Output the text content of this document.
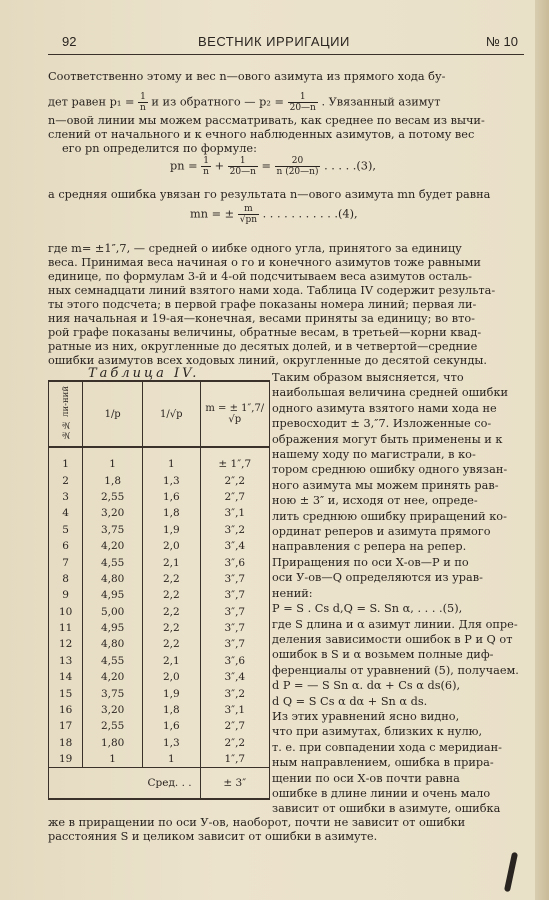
92	ВЕСТНИК ИРРИГАЦИИ	№ 10
Соответственно этому и вес n—ового азимута из прямого хода бу-
дет равен $p_1 = \frac{1}{n}$ и из обратного — $p_2 = \frac{1}{20—n}$ . Увязанный азимут
n—овой линии мы можем рассматривать, как среднее по весам из вычи-
слений от начального и к ечного наблюденных азимутов, а потому вес
его pn определится по формуле:
pn = $\frac{1}{n} + \frac{1}{20—n} = \frac{20}{n (20—n)}$ . . . . .(3),
а средняя ошибка увязан го результата n—ового азимута mn будет равна
mn = ± $\frac{m}{√pn}$ . . . . . . . . . . .(4),
где m= ±1″,7, — средней о иибке одного угла, принятого за единицу
веса. Принимая веса начиная о го и конечного азимутов тоже равными
единице, по формулам 3-й и 4-ой подсчитываем веса азимутов осталь-
ных семнадцати линий взятого нами хода. Таблица IV содержит результа-
ты этого подсчета; в первой графе показаны номера линий; первая ли-
ния начальная и 19-ая—конечная, весами приняты за единицу; во вто-
рой графе показаны величины, обратные весам, в третьей—корни квад-
ратные из них, округленные до десятых долей, и в четвертой—средние
ошибки азимутов всех ходовых линий, округленные до десятой секунды.
Таблица IV.
№№ ли-ний	1/p	1/√p	m = ± 1″,7/√p
1	1	1	± 1″,7
2	1,8	1,3	2″,2
3	2,55	1,6	2″,7
4	3,20	1,8	3″,1
5	3,75	1,9	3″,2
6	4,20	2,0	3″,4
7	4,55	2,1	3″,6
8	4,80	2,2	3″,7
9	4,95	2,2	3″,7
10	5,00	2,2	3″,7
11	4,95	2,2	3″,7
12	4,80	2,2	3″,7
13	4,55	2,1	3″,6
14	4,20	2,0	3″,4
15	3,75	1,9	3″,2
16	3,20	1,8	3″,1
17	2,55	1,6	2″,7
18	1,80	1,3	2″,2
19	1	1	1″,7
Сред. . .			± 3″
Таким образом выясняется, что
наибольшая величина средней ошибки
одного азимута взятого нами хода не
превосходит ± 3,″7. Изложенные со-
ображения могут быть применены и к
нашему ходу по магистрали, в ко-
тором среднюю ошибку одного увязан-
ного азимута мы можем принять рав-
ною ± 3″ и, исходя от нее, опреде-
лить среднюю ошибку приращений ко-
ординат реперов и азимута прямого
направления с репера на репер.
Приращения по оси Х-ов—Р и по
оси У-ов—Q определяются из урав-
нений:
P = S . Cs d,Q = S. Sn α, . . . .(5),
где S длина и α азимут линии. Для опре-
деления зависимости ошибок в P и Q от
ошибок в S и α возьмем полные диф-
ференциалы от уравнений (5), получаем.
d P = — S Sn α. dα + Cs α ds(6),
d Q = S Cs α dα + Sn α ds.
Из этих уравнений ясно видно,
что при азимутах, близких к нулю,
т. е. при совпадении хода с меридиан-
ным направлением, ошибка в прира-
щении по оси Х-ов почти равна
ошибке в длине линии и очень мало
зависит от ошибки в азимуте, ошибка
же в приращении по оси У-ов, наоборот, почти не зависит от ошибки
расстояния S и целиком зависит от ошибки в азимуте.
